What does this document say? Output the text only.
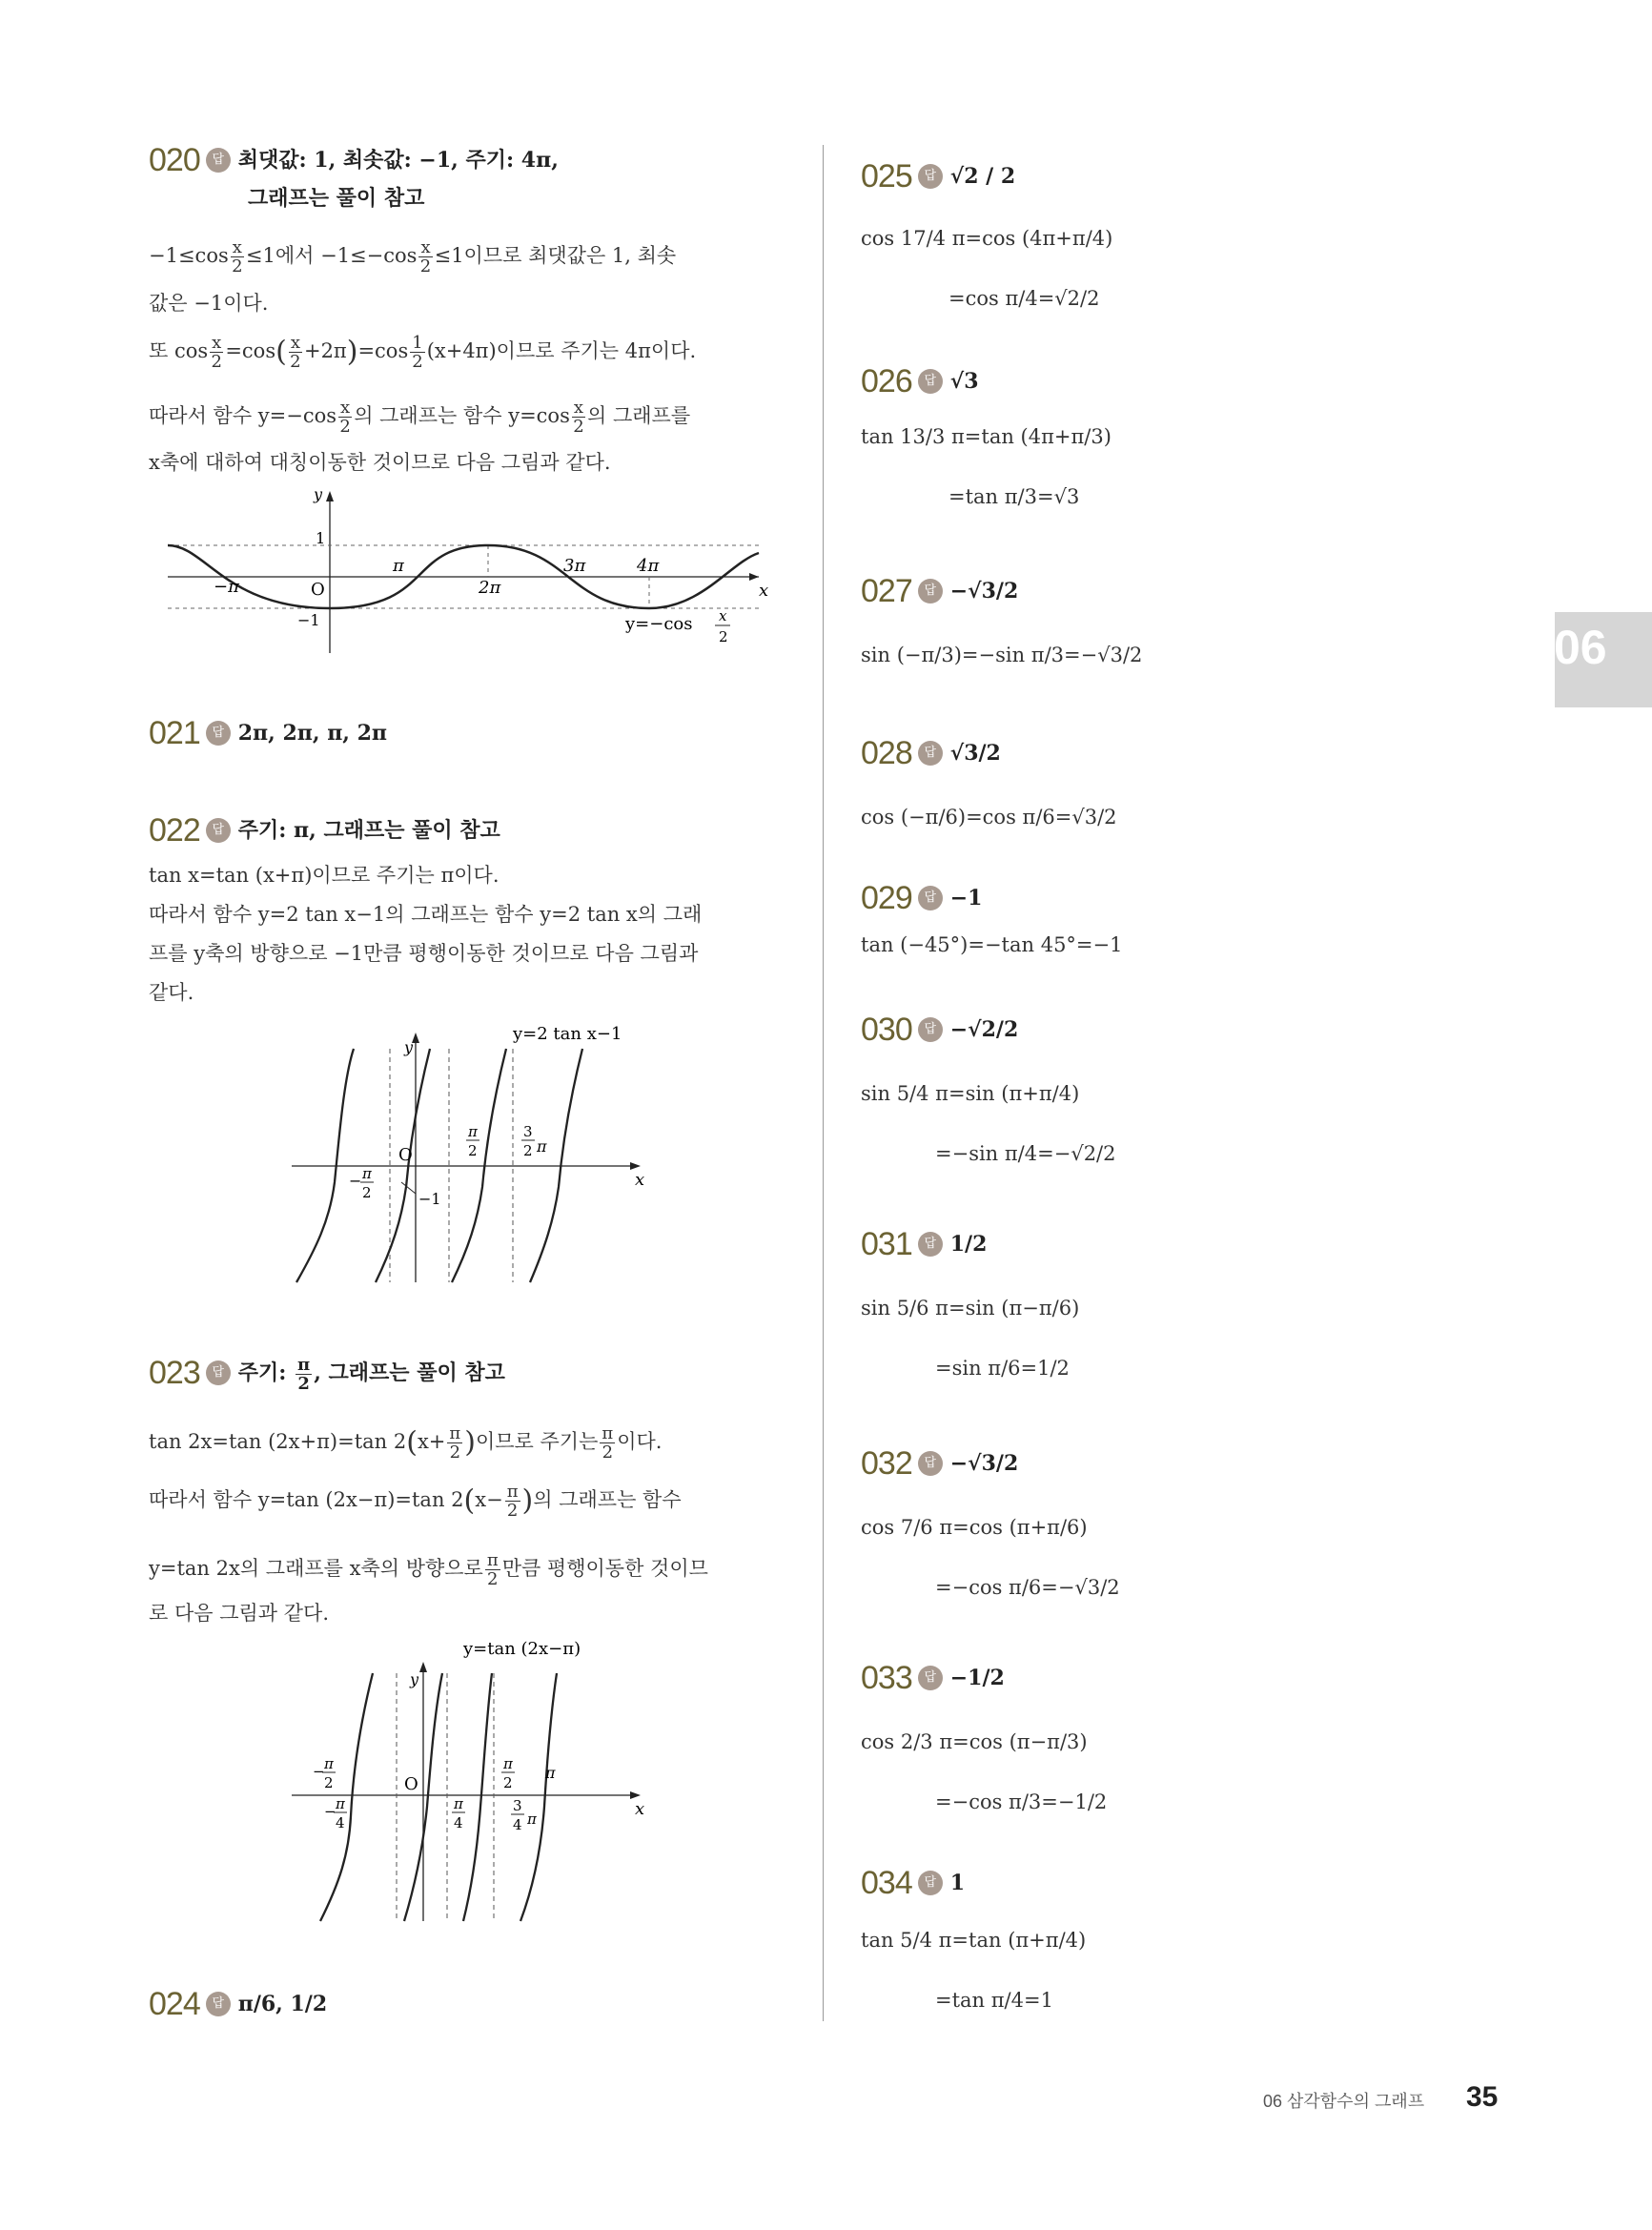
06
020 답 최댓값: 1, 최솟값: −1, 주기: 4π,
그래프는 풀이 참고
$-1\le\cos \frac{x}{2} \le 1$에서 $-1\le-\cos \frac{x}{2} \le 1$이므로 최댓값은 1, 최솟
값은 −1이다.
또 $\cos \frac{x}{2} =\cos( \frac{x}{2} +2\pi)=\cos \frac{1}{2} (x+4\pi)$이므로 주기는 4π이다.
따라서 함수 $y=-\cos \frac{x}{2}$ 의 그래프는 함수 $y=\cos \frac{x}{2}$ 의 그래프를
x축에 대하여 대칭이동한 것이므로 다음 그림과 같다.
y
x
O
1
−1
−π
π
2π
3π	4π
y=−cos x
2
021 답 2π, 2π, π, 2π
022 답 주기: π, 그래프는 풀이 참고
tan x=tan (x+π)이므로 주기는 π이다.
따라서 함수 y=2 tan x−1의 그래프는 함수 y=2 tan x의 그래
프를 y축의 방향으로 −1만큼 평행이동한 것이므로 다음 그림과
같다.
y
x
O
−1
− π
2
π
2
3
2 π
y=2 tan x−1
023 답 주기: $\frac{\pi}{2}$ , 그래프는 풀이 참고
tan 2x=tan (2x+π)=tan $2(x+ \frac{\pi}{2}$ )이므로 주기는 $\frac{\pi}{2}$ 이다.
따라서 함수 y=tan (2x−π)=tan $2(x- \frac{\pi}{2}$ )의 그래프는 함수
y=tan 2x의 그래프를 x축의 방향으로 $\frac{\pi}{2}$ 만큼 평행이동한 것이므
로 다음 그림과 같다.
y
x
O
y=tan (2x−π)
− π
2
− π
4
π
4
π
2
π
3
4 π
024 답 π/6, 1/2
025 답 √2 / 2
cos 17/4 π=cos (4π+π/4)
=cos π/4=√2/2
026 답 √3
tan 13/3 π=tan (4π+π/3)
=tan π/3=√3
027 답 −√3/2
sin (−π/3)=−sin π/3=−√3/2
028 답 √3/2
cos (−π/6)=cos π/6=√3/2
029 답 −1
tan (−45°)=−tan 45°=−1
030 답 −√2/2
sin 5/4 π=sin (π+π/4)
=−sin π/4=−√2/2
031 답 1/2
sin 5/6 π=sin (π−π/6)
=sin π/6=1/2
032 답 −√3/2
cos 7/6 π=cos (π+π/6)
=−cos π/6=−√3/2
033 답 −1/2
cos 2/3 π=cos (π−π/3)
=−cos π/3=−1/2
034 답 1
tan 5/4 π=tan (π+π/4)
=tan π/4=1
06 삼각함수의 그래프 35
